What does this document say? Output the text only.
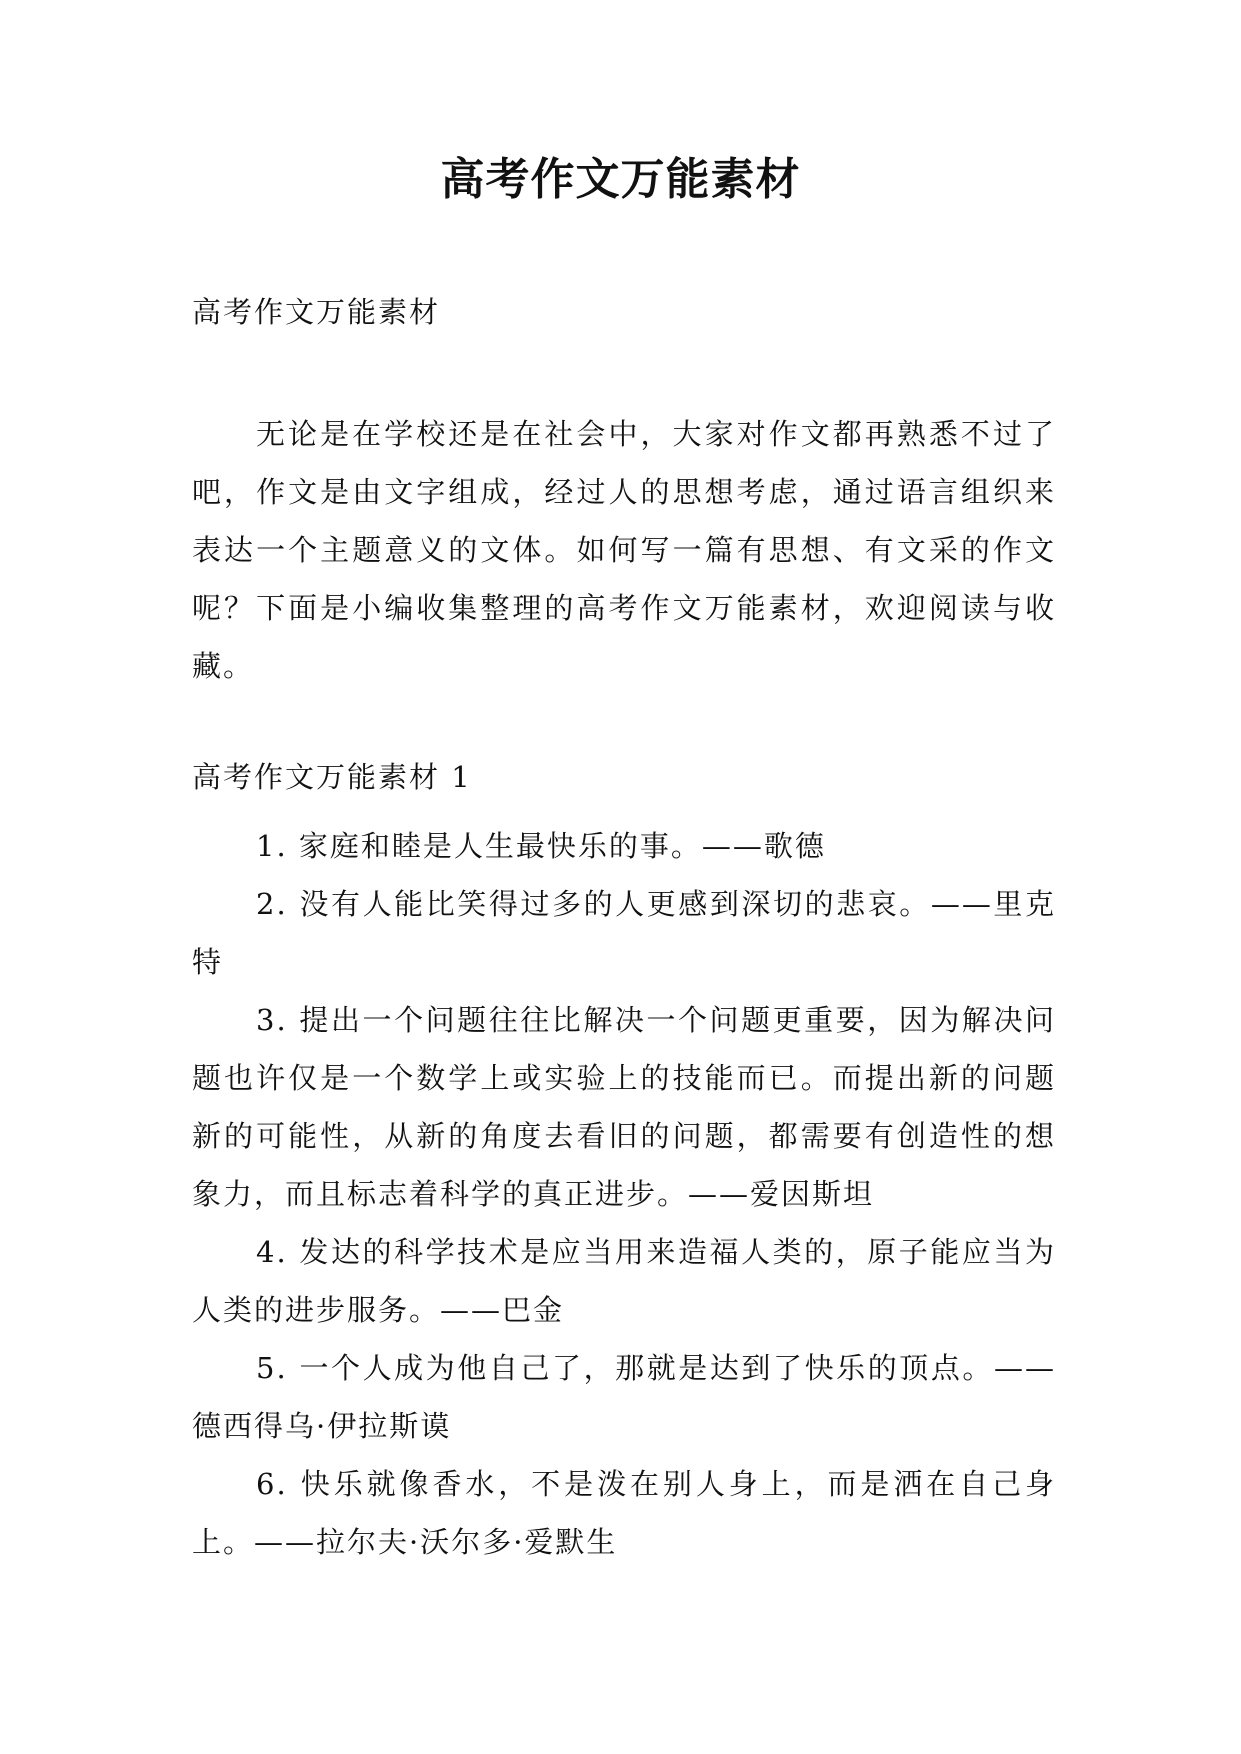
高考作文万能素材
高考作文万能素材
无论是在学校还是在社会中，大家对作文都再熟悉不过了吧，作文是由文字组成，经过人的思想考虑，通过语言组织来表达一个主题意义的文体。如何写一篇有思想、有文采的作文呢？下面是小编收集整理的高考作文万能素材，欢迎阅读与收藏。
高考作文万能素材 1

1. 家庭和睦是人生最快乐的事。——歌德

2. 没有人能比笑得过多的人更感到深切的悲哀。——里克特

3. 提出一个问题往往比解决一个问题更重要，因为解决问题也许仅是一个数学上或实验上的技能而已。而提出新的问题新的可能性，从新的角度去看旧的问题，都需要有创造性的想象力，而且标志着科学的真正进步。——爱因斯坦

4. 发达的科学技术是应当用来造福人类的，原子能应当为人类的进步服务。——巴金

5. 一个人成为他自己了，那就是达到了快乐的顶点。——德西得乌·伊拉斯谟

6. 快乐就像香水，不是泼在别人身上，而是洒在自己身上。——拉尔夫·沃尔多·爱默生
